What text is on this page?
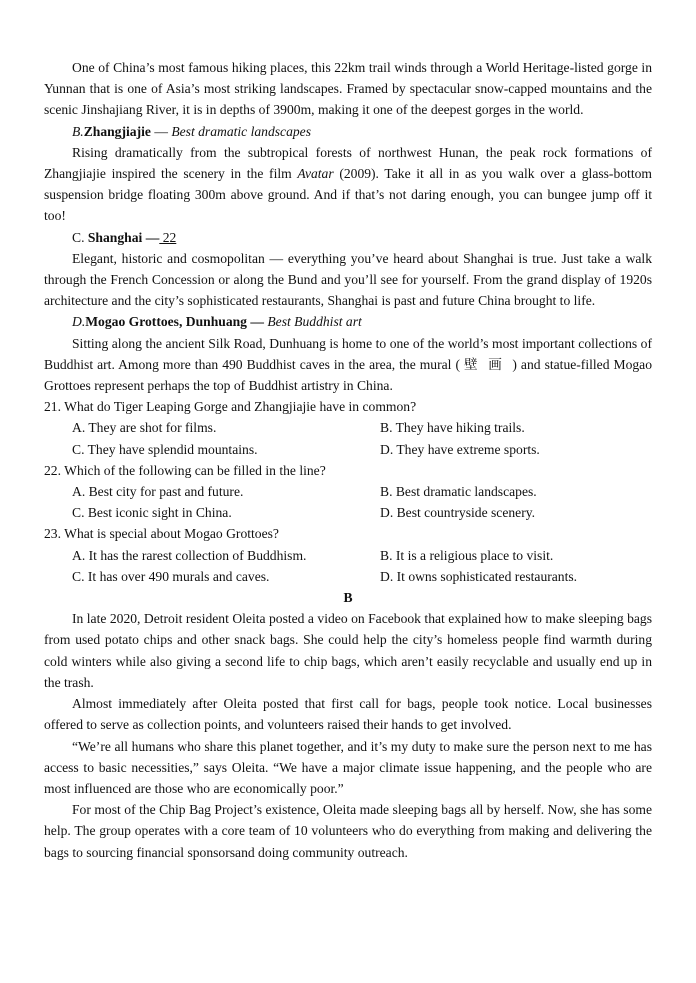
One of China’s most famous hiking places, this 22km trail winds through a World Heritage-listed gorge in Yunnan that is one of Asia’s most striking landscapes. Framed by spectacular snow-capped mountains and the scenic Jinshajiang River, it is in depths of 3900m, making it one of the deepest gorges in the world.

B.Zhangjiajie — Best dramatic landscapes

Rising dramatically from the subtropical forests of northwest Hunan, the peak rock formations of Zhangjiajie inspired the scenery in the film Avatar (2009). Take it all in as you walk over a glass-bottom suspension bridge floating 300m above ground. And if that’s not daring enough, you can bungee jump off it too!

C. Shanghai — 22

Elegant, historic and cosmopolitan — everything you’ve heard about Shanghai is true. Just take a walk through the French Concession or along the Bund and you’ll see for yourself. From the grand display of 1920s architecture and the city’s sophisticated restaurants, Shanghai is past and future China brought to life.

D.Mogao Grottoes, Dunhuang — Best Buddhist art

Sitting along the ancient Silk Road, Dunhuang is home to one of the world’s most important collections of Buddhist art. Among more than 490 Buddhist caves in the area, the mural ( 壁画) and statue-filled Mogao Grottoes represent perhaps the top of Buddhist artistry in China.

21. What do Tiger Leaping Gorge and Zhangjiajie have in common?

A. They are shot for films.	B. They have hiking trails.
C. They have splendid mountains.	D. They have extreme sports.

22. Which of the following can be filled in the line?

A. Best city for past and future.	B. Best dramatic landscapes.
C. Best iconic sight in China.	D. Best countryside scenery.

23. What is special about Mogao Grottoes?

A. It has the rarest collection of Buddhism.	B. It is a religious place to visit.
C. It has over 490 murals and caves.	D. It owns sophisticated restaurants.

B

In late 2020, Detroit resident Oleita posted a video on Facebook that explained how to make sleeping bags from used potato chips and other snack bags. She could help the city’s homeless people find warmth during cold winters while also giving a second life to chip bags, which aren’t easily recyclable and usually end up in the trash.

Almost immediately after Oleita posted that first call for bags, people took notice. Local businesses offered to serve as collection points, and volunteers raised their hands to get involved.

“We’re all humans who share this planet together, and it’s my duty to make sure the person next to me has access to basic necessities,” says Oleita. “We have a major climate issue happening, and the people who are most influenced are those who are economically poor.”

For most of the Chip Bag Project’s existence, Oleita made sleeping bags all by herself. Now, she has some help. The group operates with a core team of 10 volunteers who do everything from making and delivering the bags to sourcing financial sponsorsand doing community outreach.
